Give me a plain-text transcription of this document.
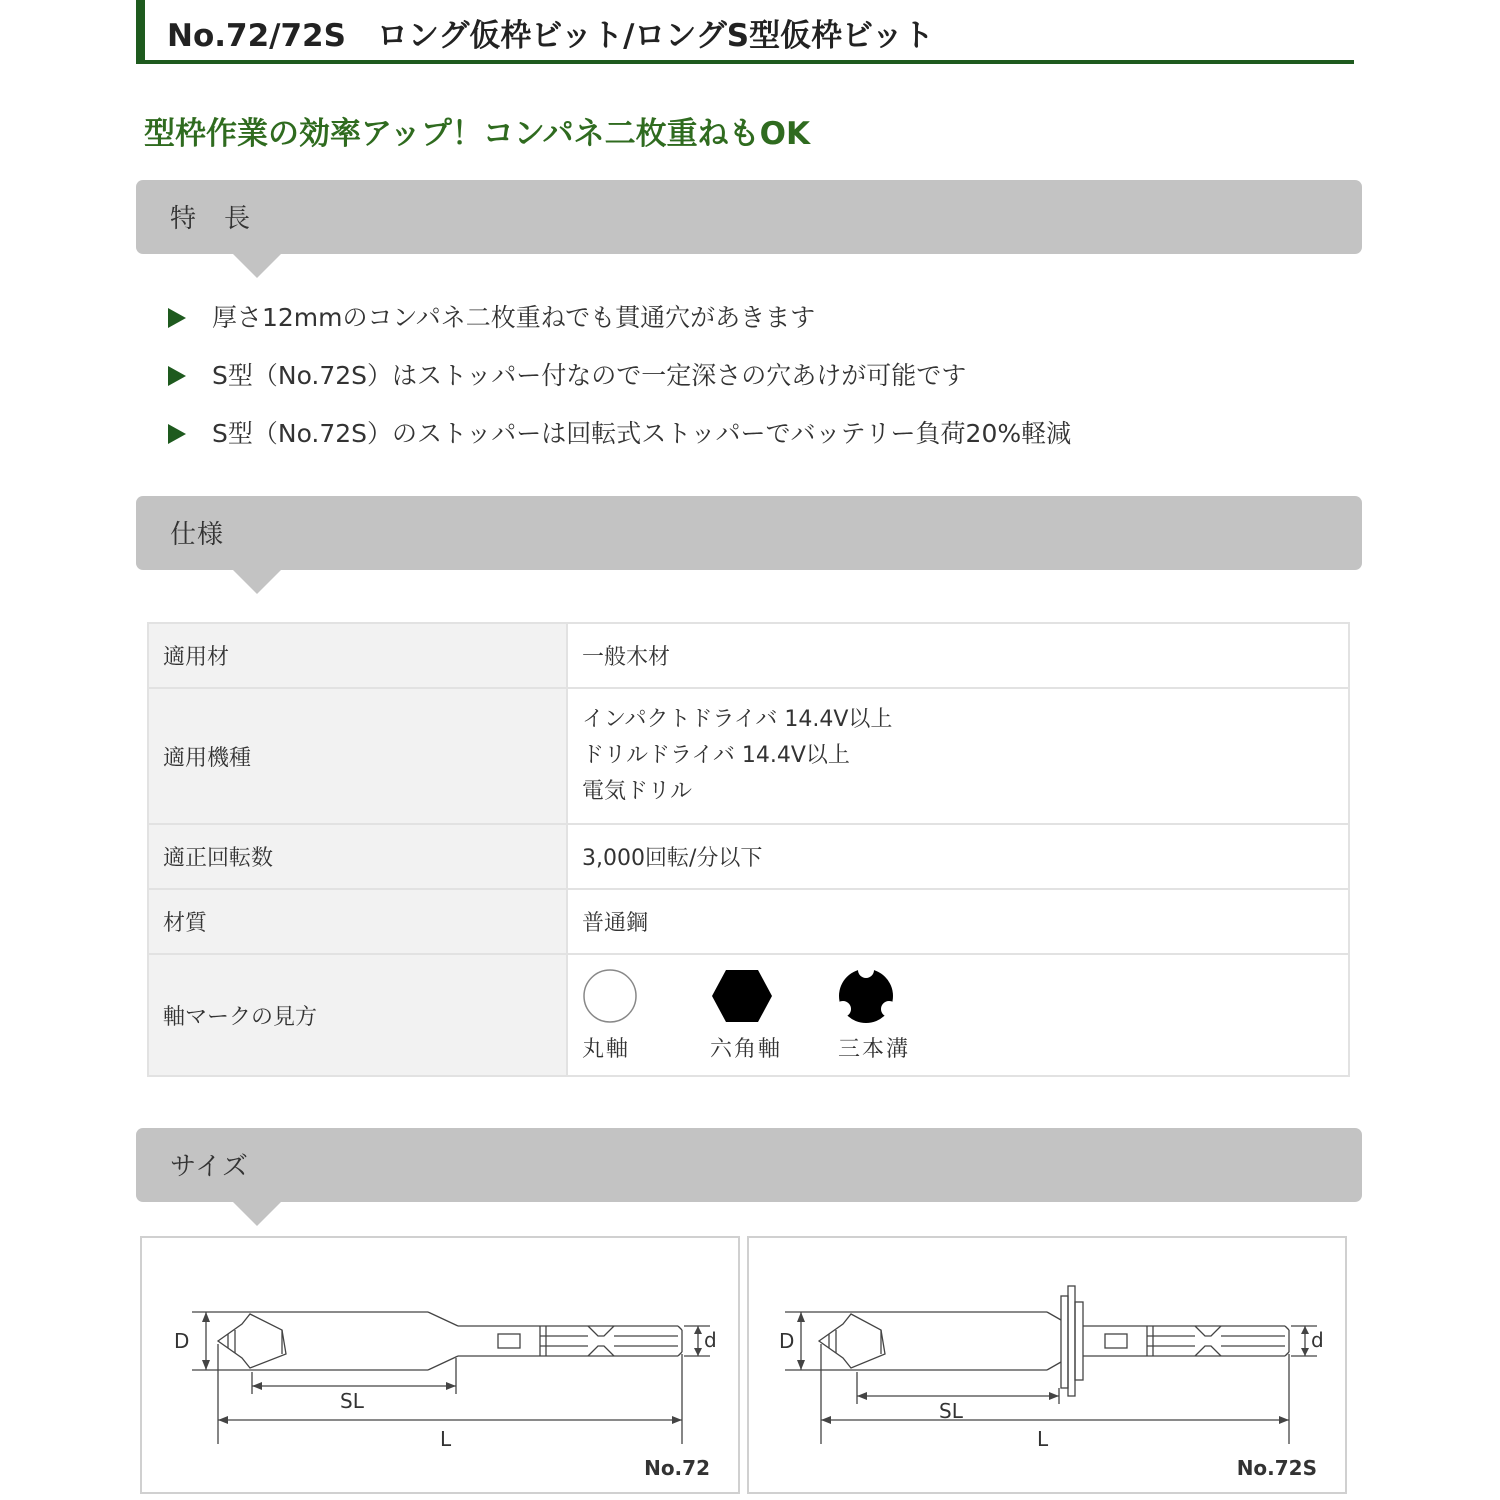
No.72/72S　ロング仮枠ビット/ロングS型仮枠ビット
型枠作業の効率アップ！コンパネ二枚重ねもOK
特　長
厚さ12mmのコンパネ二枚重ねでも貫通穴があきます
S型（No.72S）はストッパー付なので一定深さの穴あけが可能です
S型（No.72S）のストッパーは回転式ストッパーでバッテリー負荷20%軽減
仕様
適用材	一般木材
適用機種	インパクトドライバ 14.4V以上
ドリルドライバ 14.4V以上
電気ドリル

適正回転数	3,000回転/分以下
材質	普通鋼
軸マークの見方	丸軸 六角軸 三本溝
サイズ
D	d
SL
L
No.72
D	d
SL
L
No.72S
